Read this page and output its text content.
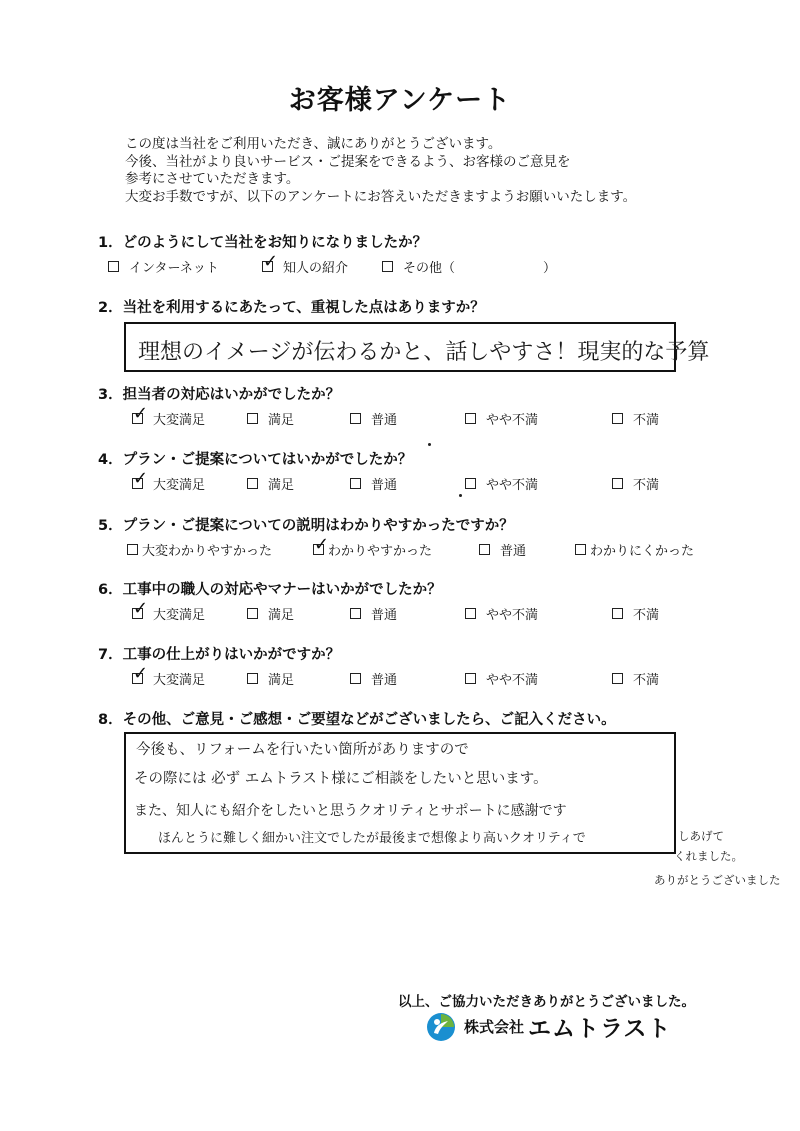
お客様アンケート
この度は当社をご利用いただき、誠にありがとうございます。
今後、当社がより良いサービス・ご提案をできるよう、お客様のご意見を
参考にさせていただきます。
大変お手数ですが、以下のアンケートにお答えいただきますようお願いいたします。
1．どのようにして当社をお知りになりましたか？
インターネット ✓ 知人の紹介	その他（	）
2．当社を利用するにあたって、重視した点はありますか？
理想のイメージが伝わるかと、話しやすさ！現実的な予算
3．担当者の対応はいかがでしたか？
✓ 大変満足	満足	普通	やや不満	不満
4．プラン・ご提案についてはいかがでしたか？
✓ 大変満足	満足	普通	やや不満	不満
5．プラン・ご提案についての説明はわかりやすかったですか？
大変わかりやすかった ✓
わかりやすかった	普通	わかりにくかった
6．工事中の職人の対応やマナーはいかがでしたか？
✓ 大変満足	満足	普通	やや不満	不満
7．工事の仕上がりはいかがですか？
✓ 大変満足	満足	普通	やや不満	不満
8．その他、ご意見・ご感想・ご要望などがございましたら、ご記入ください。
今後も、リフォームを行いたい箇所がありますので
その際には 必ず エムトラスト様にご相談をしたいと思います。
また、知人にも紹介をしたいと思うクオリティとサポートに感謝です
ほんとうに難しく細かい注文でしたが最後まで想像より高いクオリティで	しあげて
くれました。
ありがとうございました
以上、ご協力いただきありがとうございました。
株式会社 エムトラスト
